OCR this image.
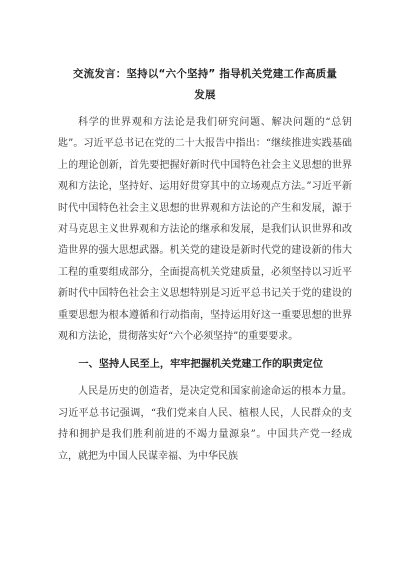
交流发言：坚持以“六个坚持” 指导机关党建工作高质量
发展

科学的世界观和方法论是我们研究问题、解决问题的“总钥匙”。习近平总书记在党的二十大报告中指出：“继续推进实践基础上的理论创新，首先要把握好新时代中国特色社会主义思想的世界观和方法论，坚持好、运用好贯穿其中的立场观点方法。”习近平新时代中国特色社会主义思想的世界观和方法论的产生和发展，源于对马克思主义世界观和方法论的继承和发展，是我们认识世界和改造世界的强大思想武器。机关党的建设是新时代党的建设新的伟大工程的重要组成部分，全面提高机关党建质量，必须坚持以习近平新时代中国特色社会主义思想特别是习近平总书记关于党的建设的重要思想为根本遵循和行动指南，坚持运用好这一重要思想的世界观和方法论，贯彻落实好“六个必须坚持”的重要要求。

一、坚持人民至上，牢牢把握机关党建工作的职责定位

人民是历史的创造者，是决定党和国家前途命运的根本力量。习近平总书记强调，“我们党来自人民、植根人民，人民群众的支持和拥护是我们胜利前进的不竭力量源泉”。中国共产党一经成立，就把为中国人民谋幸福、为中华民族
